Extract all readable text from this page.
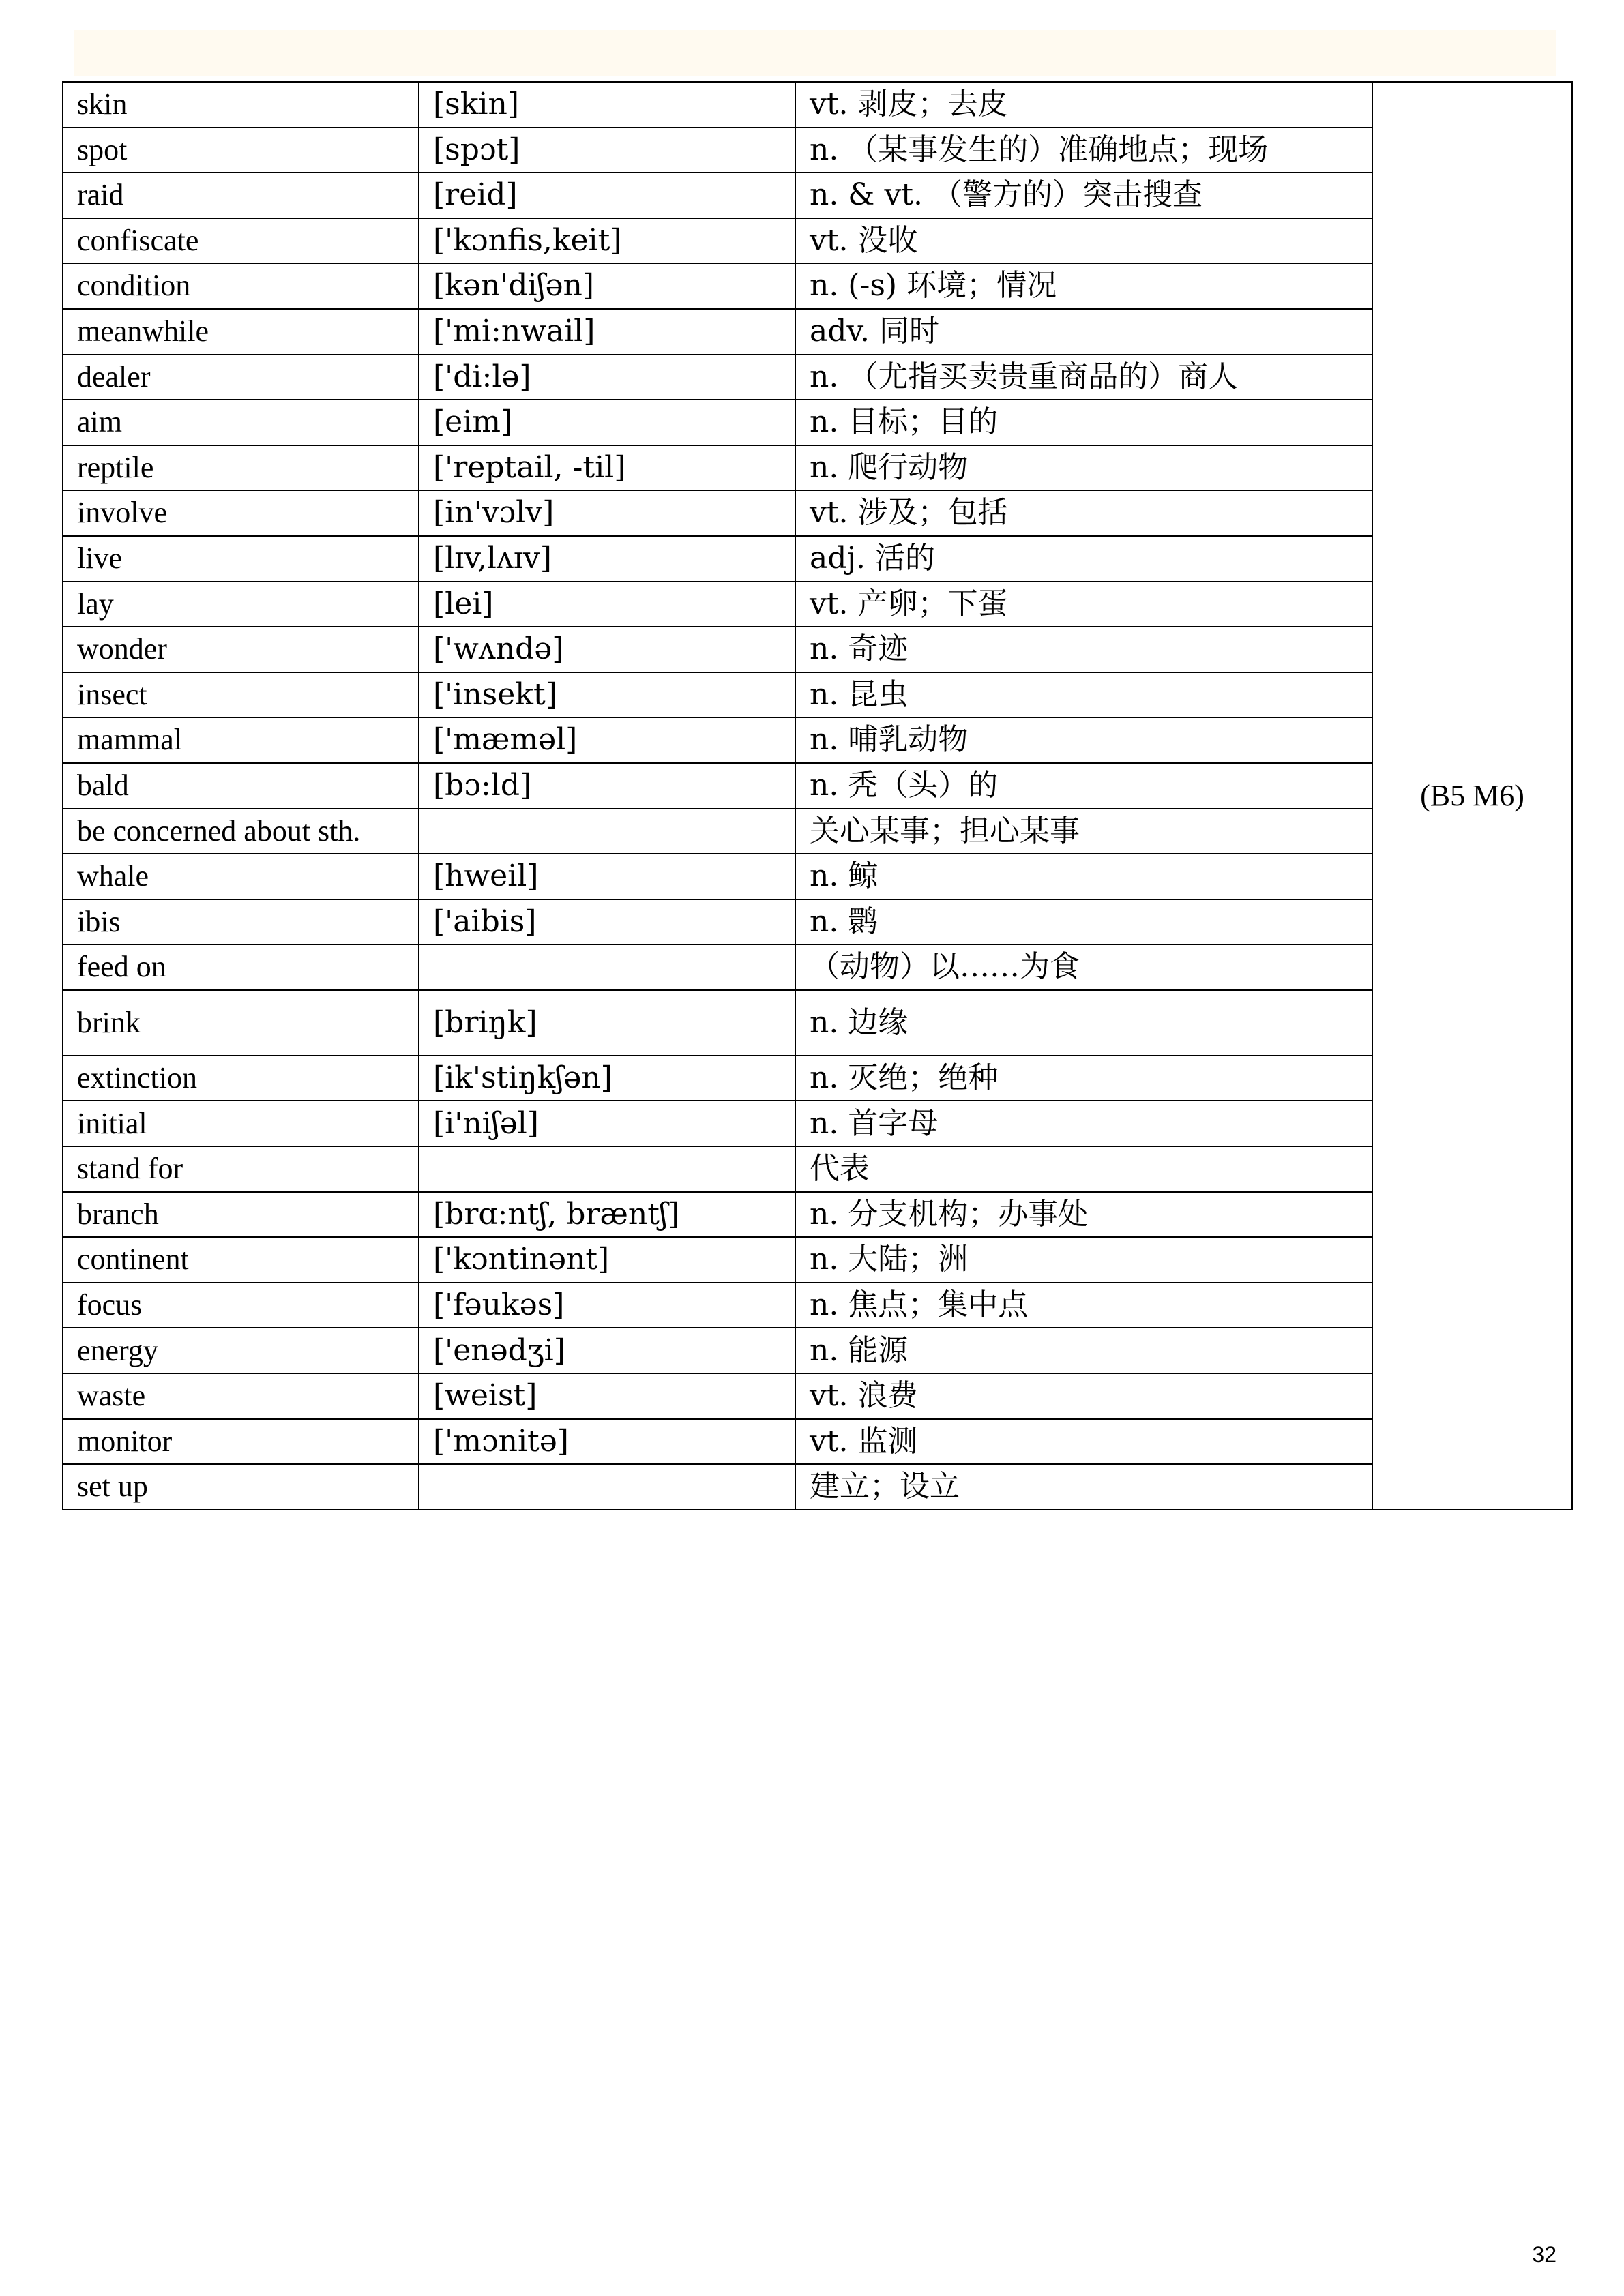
skin	[skin]	vt. 剥皮；去皮	(B5 M6)
spot	[spɔt]	n. （某事发生的）准确地点；现场	
raid	[reid]	n. & vt. （警方的）突击搜查	
confiscate	['kɔnfis,keit]	vt. 没收	
condition	[kən'diʃən]	n. (-s) 环境；情况	
meanwhile	['mi:nwail]	adv. 同时	
dealer	['di:lə]	n. （尤指买卖贵重商品的）商人	
aim	[eim]	n. 目标；目的	
reptile	['reptail, -til]	n. 爬行动物	
involve	[in'vɔlv]	vt. 涉及；包括	
live	[lɪv,lʌɪv]	adj. 活的	
lay	[lei]	vt. 产卵；下蛋	
wonder	['wʌndə]	n. 奇迹	
insect	['insekt]	n. 昆虫	
mammal	['mæməl]	n. 哺乳动物	
bald	[bɔ:ld]	n. 秃（头）的	
be concerned about sth.		关心某事；担心某事	
whale	[hweil]	n. 鲸	
ibis	['aibis]	n. 鹮	
feed on		（动物）以……为食	
brink	[briŋk]	n. 边缘	
extinction	[ik'stiŋkʃən]	n. 灭绝；绝种	
initial	[i'niʃəl]	n. 首字母	
stand for		代表	
branch	[brɑ:ntʃ, bræntʃ]	n. 分支机构；办事处	
continent	['kɔntinənt]	n. 大陆；洲	
focus	['fəukəs]	n. 焦点；集中点	
energy	['enədʒi]	n. 能源	
waste	[weist]	vt. 浪费	
monitor	['mɔnitə]	vt. 监测	
set up		建立；设立	
32
